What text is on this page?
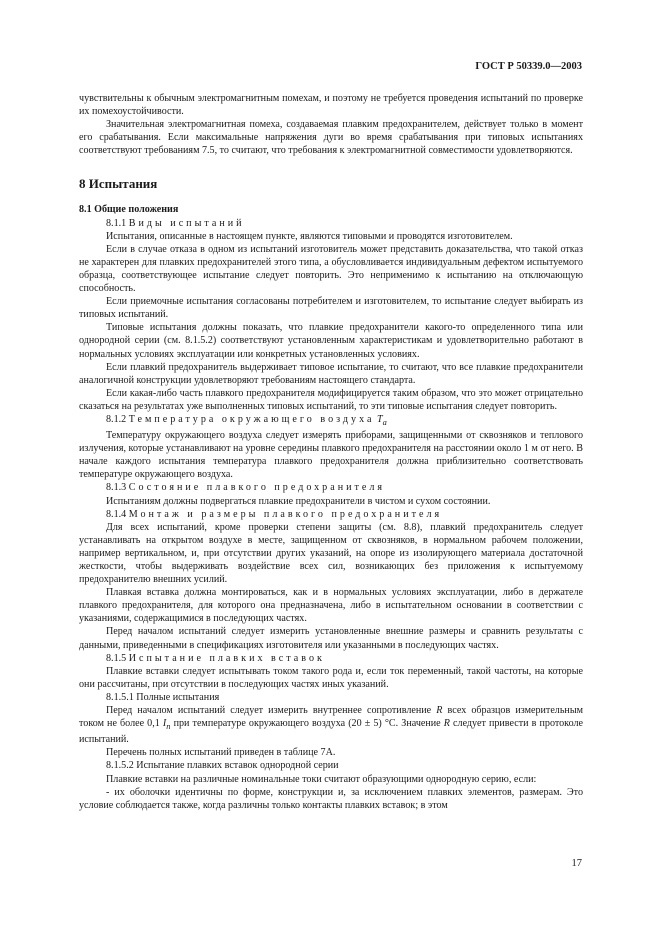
ГОСТ Р 50339.0—2003

чувствительны к обычным электромагнитным помехам, и поэтому не требуется проведения испытаний по проверке их помехоустойчивости.

Значительная электромагнитная помеха, создаваемая плавким предохранителем, действует только в момент его срабатывания. Если максимальные напряжения дуги во время срабатывания при типовых испытаниях соответствуют требованиям 7.5, то считают, что требования к электромагнитной совместимости удовлетворяются.

8 Испытания

8.1 Общие положения

8.1.1 Виды испытаний

Испытания, описанные в настоящем пункте, являются типовыми и проводятся изготовителем.

Если в случае отказа в одном из испытаний изготовитель может представить доказательства, что такой отказ не характерен для плавких предохранителей этого типа, а обусловливается индивидуальным дефектом испытуемого образца, соответствующее испытание следует повторить. Это неприменимо к испытанию на отключающую способность.

Если приемочные испытания согласованы потребителем и изготовителем, то испытание следует выбирать из типовых испытаний.

Типовые испытания должны показать, что плавкие предохранители какого-то определенного типа или однородной серии (см. 8.1.5.2) соответствуют установленным характеристикам и удовлетворительно работают в нормальных условиях эксплуатации или конкретных установленных условиях.

Если плавкий предохранитель выдерживает типовое испытание, то считают, что все плавкие предохранители аналогичной конструкции удовлетворяют требованиям настоящего стандарта.

Если какая-либо часть плавкого предохранителя модифицируется таким образом, что это может отрицательно сказаться на результатах уже выполненных типовых испытаний, то эти типовые испытания следует повторить.

8.1.2 Температура окружающего воздуха $T_a$

Температуру окружающего воздуха следует измерять приборами, защищенными от сквозняков и теплового излучения, которые устанавливают на уровне середины плавкого предохранителя на расстоянии около 1 м от него. В начале каждого испытания температура плавкого предохранителя должна приблизительно соответствовать температуре окружающего воздуха.

8.1.3 Состояние плавкого предохранителя

Испытаниям должны подвергаться плавкие предохранители в чистом и сухом состоянии.

8.1.4 Монтаж и размеры плавкого предохранителя

Для всех испытаний, кроме проверки степени защиты (см. 8.8), плавкий предохранитель следует устанавливать на открытом воздухе в месте, защищенном от сквозняков, в нормальном рабочем положении, например вертикальном, и, при отсутствии других указаний, на опоре из изолирующего материала достаточной жесткости, чтобы выдерживать воздействие всех сил, возникающих без приложения к испытуемому предохранителю внешних усилий.

Плавкая вставка должна монтироваться, как и в нормальных условиях эксплуатации, либо в держателе плавкого предохранителя, для которого она предназначена, либо в испытательном основании в соответствии с указаниями, содержащимися в последующих частях.

Перед началом испытаний следует измерить установленные внешние размеры и сравнить результаты с данными, приведенными в спецификациях изготовителя или указанными в последующих частях.

8.1.5 Испытание плавких вставок

Плавкие вставки следует испытывать током такого рода и, если ток переменный, такой частоты, на которые они рассчитаны, при отсутствии в последующих частях иных указаний.

8.1.5.1 Полные испытания

Перед началом испытаний следует измерить внутреннее сопротивление R всех образцов измерительным током не более 0,1 $I_n$ при температуре окружающего воздуха (20 ± 5) °С. Значение R следует привести в протоколе испытаний.

Перечень полных испытаний приведен в таблице 7А.

8.1.5.2 Испытание плавких вставок однородной серии

Плавкие вставки на различные номинальные токи считают образующими однородную серию, если:

- их оболочки идентичны по форме, конструкции и, за исключением плавких элементов, размерам. Это условие соблюдается также, когда различны только контакты плавких вставок; в этом

17
